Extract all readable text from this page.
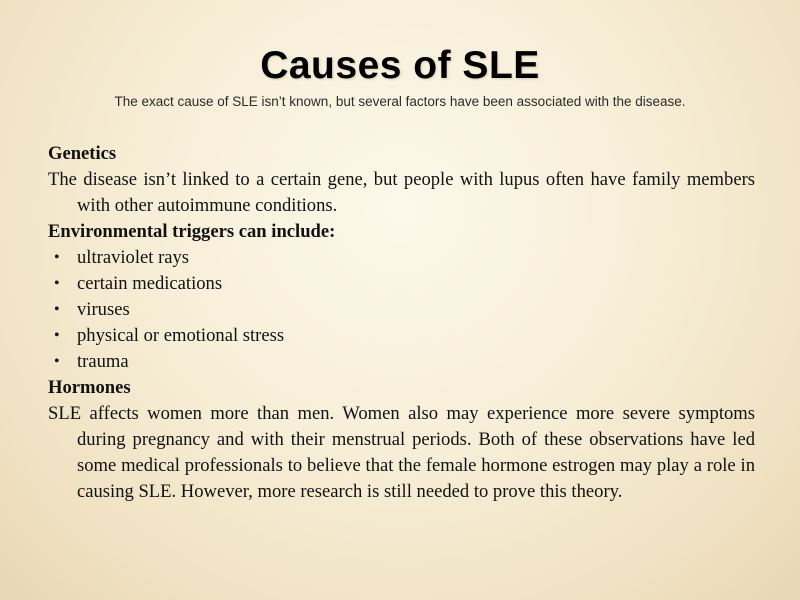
Causes of SLE
The exact cause of SLE isn’t known, but several factors have been associated with the disease.

Genetics

The disease isn’t linked to a certain gene, but people with lupus often have family members with other autoimmune conditions.

Environmental triggers can include:

• ultraviolet rays
• certain medications
• viruses
• physical or emotional stress
• trauma

Hormones

SLE affects women more than men. Women also may experience more severe symptoms during pregnancy and with their menstrual periods. Both of these observations have led some medical professionals to believe that the female hormone estrogen may play a role in causing SLE. However, more research is still needed to prove this theory.
